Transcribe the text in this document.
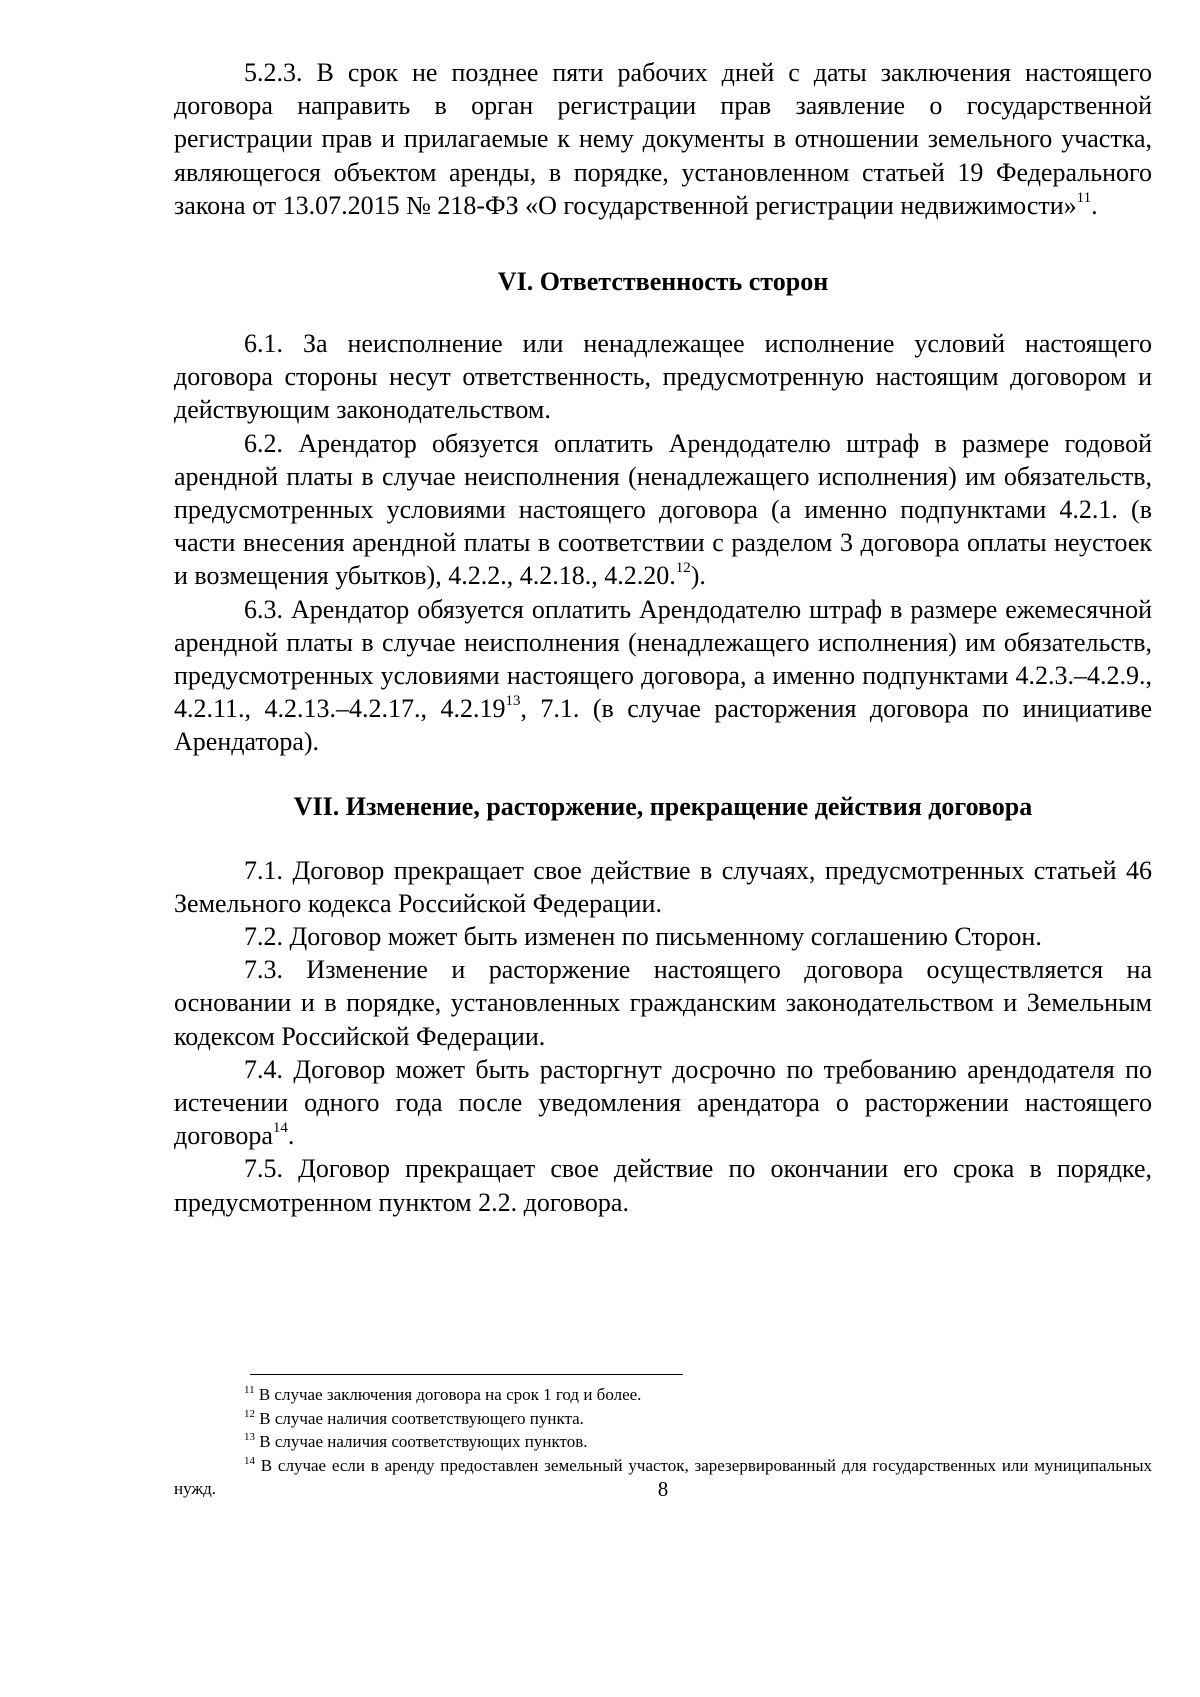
5.2.3. В срок не позднее пяти рабочих дней с даты заключения настоящего договора направить в орган регистрации прав заявление о государственной регистрации прав и прилагаемые к нему документы в отношении земельного участка, являющегося объектом аренды, в порядке, установленном статьей 19 Федерального закона от 13.07.2015 № 218-ФЗ «О государственной регистрации недвижимости»$^{11}$.

VI. Ответственность сторон

6.1. За неисполнение или ненадлежащее исполнение условий настоящего договора стороны несут ответственность, предусмотренную настоящим договором и действующим законодательством.

6.2. Арендатор обязуется оплатить Арендодателю штраф в размере годовой арендной платы в случае неисполнения (ненадлежащего исполнения) им обязательств, предусмотренных условиями настоящего договора (а именно подпунктами 4.2.1. (в части внесения арендной платы в соответствии с разделом 3 договора оплаты неустоек и возмещения убытков), 4.2.2., 4.2.18., 4.2.20.12).

6.3. Арендатор обязуется оплатить Арендодателю штраф в размере ежемесячной арендной платы в случае неисполнения (ненадлежащего исполнения) им обязательств, предусмотренных условиями настоящего договора, а именно подпунктами 4.2.3.–4.2.9., 4.2.11., 4.2.13.–4.2.17., 4.2.19$^{13}$, 7.1. (в случае расторжения договора по инициативе Арендатора).

VII. Изменение, расторжение, прекращение действия договора

7.1. Договор прекращает свое действие в случаях, предусмотренных статьей 46 Земельного кодекса Российской Федерации.

7.2. Договор может быть изменен по письменному соглашению Сторон.

7.3. Изменение и расторжение настоящего договора осуществляется на основании и в порядке, установленных гражданским законодательством и Земельным кодексом Российской Федерации.

7.4. Договор может быть расторгнут досрочно по требованию арендодателя по истечении одного года после уведомления арендатора о расторжении настоящего договора$^{14}$.

7.5. Договор прекращает свое действие по окончании его срока в порядке, предусмотренном пунктом 2.2. договора.

$^{11}$ В случае заключения договора на срок 1 год и более.

$^{12}$ В случае наличия соответствующего пункта.

$^{13}$ В случае наличия соответствующих пунктов.

$^{14}$ В случае если в аренду предоставлен земельный участок, зарезервированный для государственных или муниципальных нужд.	8
